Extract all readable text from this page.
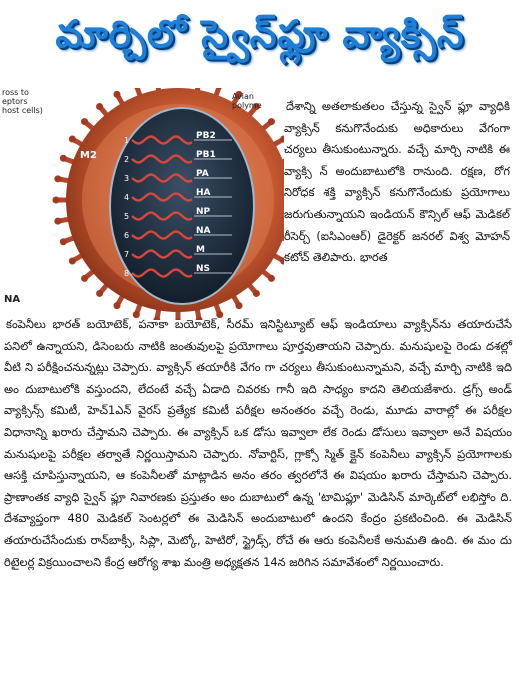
మార్చిలో స్వైన్‌ఫ్లూ వ్యాక్సిన్
1	PB2
2	PB1
3	PA
4	HA
5	NP
6	NA
7	M
8	NS
ross to
eptors
host cells)
Avian
polyme
M2
NA

దేశాన్ని అతలాకుతలం చేస్తున్న స్వైన్ ఫ్లూ వ్యాధికి వ్యాక్సిన్ కనుగొనేందుకు అధికారులు వేగంగా చర్యలు తీసుకుంటున్నారు. వచ్చే మార్చి నాటికి ఈ వ్యాక్సి న్ అందుబాటులోకి రానుంది. రక్షణ, రోగ నిరోధక శక్తి వ్యాక్సిన్ కనుగొనేందుకు ప్రయోగాలు జరుగుతున్నాయని ఇండియన్ కౌన్సిల్ ఆఫ్ మెడికల్ రీసెర్చ్ (ఐసిఎంఆర్) డైరెక్టర్ జనరల్ విశ్వ మోహన్ కటోచ్ తెలిపారు. భారత

కంపెనీలు భారత్ బయోటెక్, పనాకా బయోటెక్, సీరమ్ ఇనిస్టిట్యూట్ ఆఫ్ ఇండియాలు వ్యాక్సిన్‌ను తయారుచేసే పనిలో ఉన్నాయని, డిసెంబరు నాటికి జంతువులపై ప్రయోగాలు పూర్తవుతాయని చెప్పారు. మనుషులపై రెండు దశల్లో వీటి ని పరీక్షించనున్నట్లు చెప్పారు. వ్యాక్సిన్ తయారీకి వేగం గా చర్యలు తీసుకుంటున్నామని, వచ్చే మార్చి నాటికి ఇది అం దుబాటులోకి వస్తుందని, లేదంటే వచ్చే ఏడాది చివరకు గానీ ఇది సాధ్యం కాదని తెలియజేశారు. డ్రగ్స్ అండ్ వ్యాక్సిన్స్ కమిటీ, హెచ్1ఎన్ వైరస్ ప్రత్యేక కమిటీ పరీక్షల అనంతరం వచ్చే రెండు, మూడు వారాల్లో ఈ పరీక్షల విధానాన్ని ఖరారు చేస్తామని చెప్పారు. ఈ వ్యాక్సిన్ ఒక డోసు ఇవ్వాలా లేక రెండు డోసులు ఇవ్వాలా అనే విషయం మనుషులపై పరీక్షల తర్వాతే నిర్ణయిస్తామని చెప్పారు. నోవార్టిస్, గ్లాక్సో స్మిత్ క్లైన్ కంపెనీలు వ్యాక్సిన్ ప్రయోగాలకు ఆసక్తి చూపిస్తున్నాయని, ఆ కంపెనీలతో మాట్లాడిన అనం తరం త్వరలోనే ఈ విషయం ఖరారు చేస్తామని చెప్పారు. ప్రాణాంతక వ్యాధి స్వైన్ ఫ్లూ నివారణకు ప్రస్తుతం అం దుబాటులో ఉన్న 'టామిఫ్లూ' మెడిసిన్ మార్కెట్‌లో లభిస్తోం ది. దేశవ్యాప్తంగా 480 మెడికల్ సెంటర్లలో ఈ మెడిసిన్ అందుబాటులో ఉందని కేంద్రం ప్రకటించింది. ఈ మెడిసిన్ తయారుచేసేందుకు రాన్‌బాక్సీ, సిప్లా, మెట్కో, హెటిరో, స్ట్రైడ్స్, రోచే ఈ ఆరు కంపెనీలకే అనుమతి ఉంది. ఈ మం దు రిటైలర్ల విక్రయించాలని కేంద్ర ఆరోగ్య శాఖ మంత్రి అధ్యక్షతన 14న జరిగిన సమావేశంలో నిర్ణయించారు.
